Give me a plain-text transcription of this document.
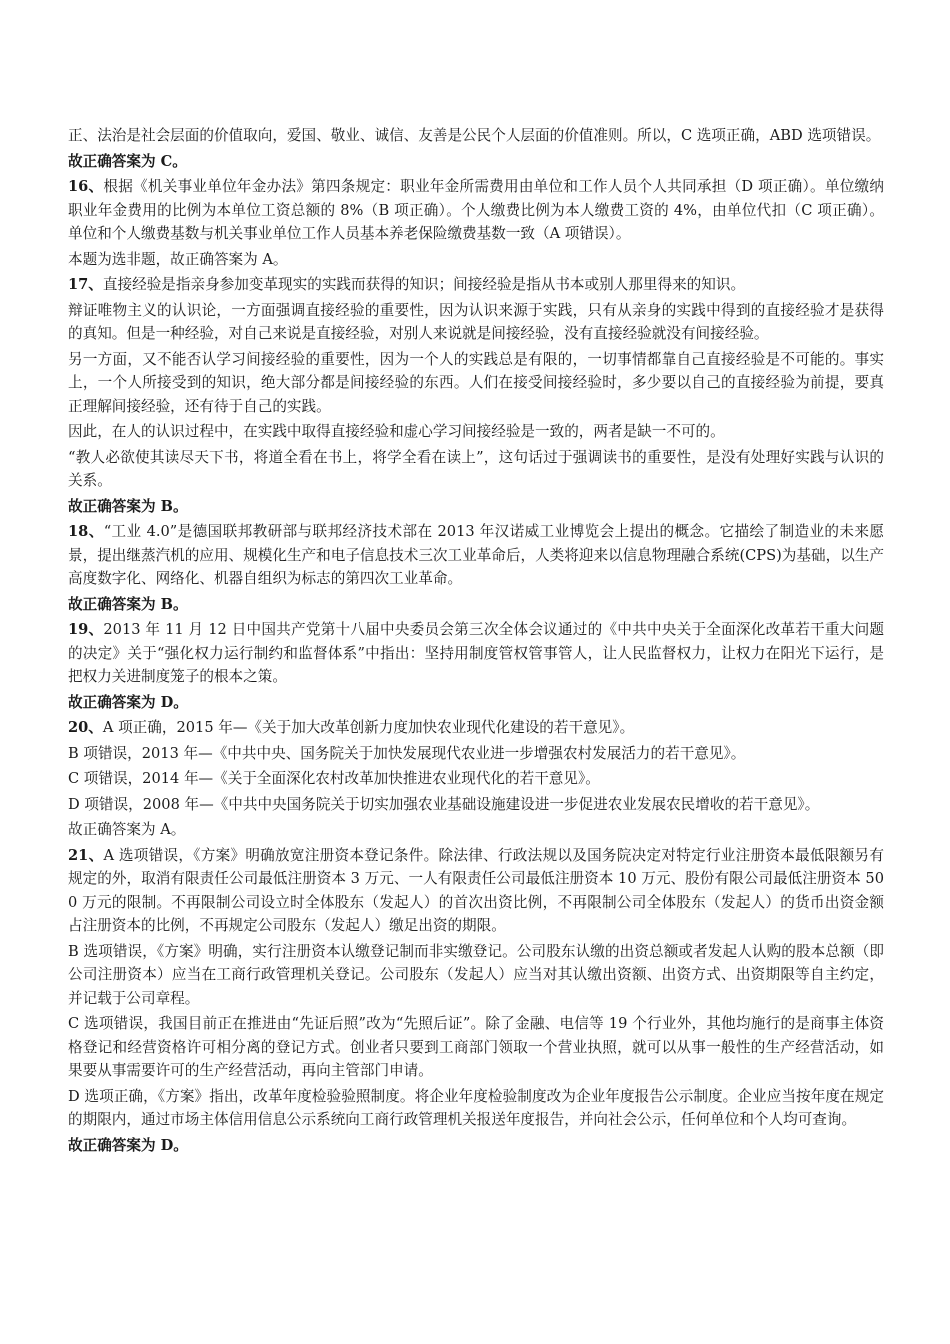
正、法治是社会层面的价值取向，爱国、敬业、诚信、友善是公民个人层面的价值准则。所以，C 选项正确，ABD 选项错误。

故正确答案为 C。

16、根据《机关事业单位年金办法》第四条规定：职业年金所需费用由单位和工作人员个人共同承担（D 项正确）。单位缴纳职业年金费用的比例为本单位工资总额的 8%（B 项正确）。个人缴费比例为本人缴费工资的 4%，由单位代扣（C 项正确）。单位和个人缴费基数与机关事业单位工作人员基本养老保险缴费基数一致（A 项错误）。

本题为选非题，故正确答案为 A。

17、直接经验是指亲身参加变革现实的实践而获得的知识；间接经验是指从书本或别人那里得来的知识。

辩证唯物主义的认识论，一方面强调直接经验的重要性，因为认识来源于实践，只有从亲身的实践中得到的直接经验才是获得的真知。但是一种经验，对自己来说是直接经验，对别人来说就是间接经验，没有直接经验就没有间接经验。

另一方面，又不能否认学习间接经验的重要性，因为一个人的实践总是有限的，一切事情都靠自己直接经验是不可能的。事实上，一个人所接受到的知识，绝大部分都是间接经验的东西。人们在接受间接经验时，多少要以自己的直接经验为前提，要真正理解间接经验，还有待于自己的实践。

因此，在人的认识过程中，在实践中取得直接经验和虚心学习间接经验是一致的，两者是缺一不可的。

“教人必欲使其读尽天下书，将道全看在书上，将学全看在读上”，这句话过于强调读书的重要性，是没有处理好实践与认识的关系。

故正确答案为 B。

18、“工业 4.0”是德国联邦教研部与联邦经济技术部在 2013 年汉诺威工业博览会上提出的概念。它描绘了制造业的未来愿景，提出继蒸汽机的应用、规模化生产和电子信息技术三次工业革命后，人类将迎来以信息物理融合系统(CPS)为基础，以生产高度数字化、网络化、机器自组织为标志的第四次工业革命。

故正确答案为 B。

19、2013 年 11 月 12 日中国共产党第十八届中央委员会第三次全体会议通过的《中共中央关于全面深化改革若干重大问题的决定》关于“强化权力运行制约和监督体系”中指出：坚持用制度管权管事管人，让人民监督权力，让权力在阳光下运行，是把权力关进制度笼子的根本之策。

故正确答案为 D。

20、A 项正确，2015 年—《关于加大改革创新力度加快农业现代化建设的若干意见》。

B 项错误，2013 年—《中共中央、国务院关于加快发展现代农业进一步增强农村发展活力的若干意见》。

C 项错误，2014 年—《关于全面深化农村改革加快推进农业现代化的若干意见》。

D 项错误，2008 年—《中共中央国务院关于切实加强农业基础设施建设进一步促进农业发展农民增收的若干意见》。

故正确答案为 A。

21、A 选项错误，《方案》明确放宽注册资本登记条件。除法律、行政法规以及国务院决定对特定行业注册资本最低限额另有规定的外，取消有限责任公司最低注册资本 3 万元、一人有限责任公司最低注册资本 10 万元、股份有限公司最低注册资本 500 万元的限制。不再限制公司设立时全体股东（发起人）的首次出资比例，不再限制公司全体股东（发起人）的货币出资金额占注册资本的比例，不再规定公司股东（发起人）缴足出资的期限。

B 选项错误，《方案》明确，实行注册资本认缴登记制而非实缴登记。公司股东认缴的出资总额或者发起人认购的股本总额（即公司注册资本）应当在工商行政管理机关登记。公司股东（发起人）应当对其认缴出资额、出资方式、出资期限等自主约定，并记载于公司章程。

C 选项错误，我国目前正在推进由“先证后照”改为“先照后证”。除了金融、电信等 19 个行业外，其他均施行的是商事主体资格登记和经营资格许可相分离的登记方式。创业者只要到工商部门领取一个营业执照，就可以从事一般性的生产经营活动，如果要从事需要许可的生产经营活动，再向主管部门申请。

D 选项正确，《方案》指出，改革年度检验验照制度。将企业年度检验制度改为企业年度报告公示制度。企业应当按年度在规定的期限内，通过市场主体信用信息公示系统向工商行政管理机关报送年度报告，并向社会公示，任何单位和个人均可查询。

故正确答案为 D。
